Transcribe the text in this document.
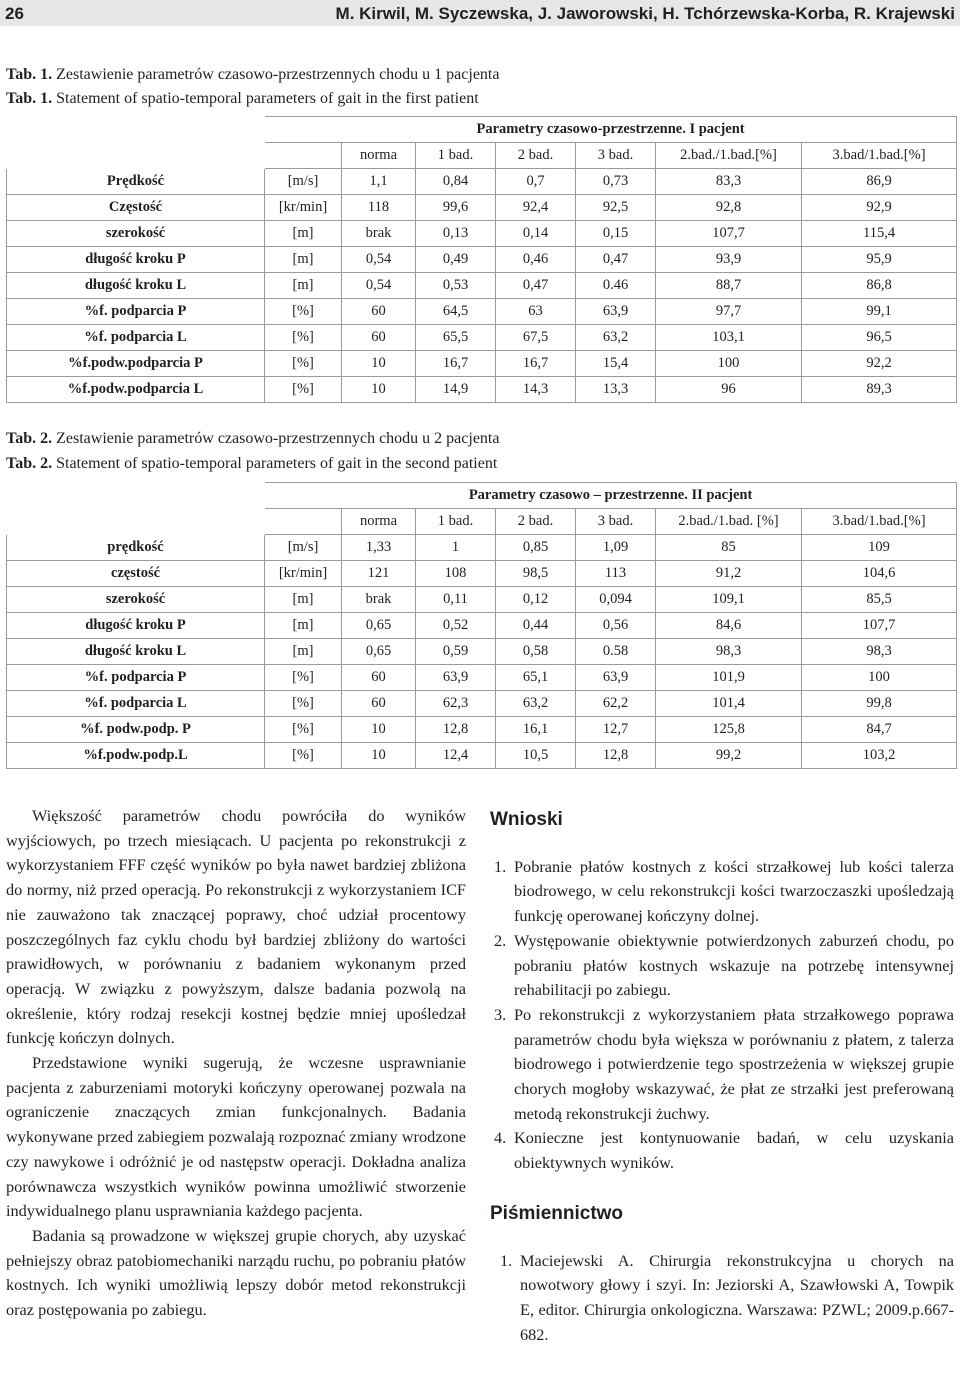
26	M. Kirwil, M. Syczewska, J. Jaworowski, H. Tchórzewska-Korba, R. Krajewski
Tab. 1. Zestawienie parametrów czasowo-przestrzennych chodu u 1 pacjenta
Tab. 1. Statement of spatio-temporal parameters of gait in the first patient
	Parametry czasowo-przestrzenne. I pacjent						
		norma	1 bad.	2 bad.	3 bad.	2.bad./1.bad.[%]	3.bad/1.bad.[%]
Prędkość	[m/s]	1,1	0,84	0,7	0,73	83,3	86,9
Częstość	[kr/min]	118	99,6	92,4	92,5	92,8	92,9
szerokość	[m]	brak	0,13	0,14	0,15	107,7	115,4
długość kroku P	[m]	0,54	0,49	0,46	0,47	93,9	95,9
długość kroku L	[m]	0,54	0,53	0,47	0.46	88,7	86,8
%f. podparcia P	[%]	60	64,5	63	63,9	97,7	99,1
%f. podparcia L	[%]	60	65,5	67,5	63,2	103,1	96,5
%f.podw.podparcia P	[%]	10	16,7	16,7	15,4	100	92,2
%f.podw.podparcia L	[%]	10	14,9	14,3	13,3	96	89,3
Tab. 2. Zestawienie parametrów czasowo-przestrzennych chodu u 2 pacjenta
Tab. 2. Statement of spatio-temporal parameters of gait in the second patient
	Parametry czasowo – przestrzenne. II pacjent						
		norma	1 bad.	2 bad.	3 bad.	2.bad./1.bad. [%]	3.bad/1.bad.[%]
prędkość	[m/s]	1,33	1	0,85	1,09	85	109
częstość	[kr/min]	121	108	98,5	113	91,2	104,6
szerokość	[m]	brak	0,11	0,12	0,094	109,1	85,5
długość kroku P	[m]	0,65	0,52	0,44	0,56	84,6	107,7
długość kroku L	[m]	0,65	0,59	0,58	0.58	98,3	98,3
%f. podparcia P	[%]	60	63,9	65,1	63,9	101,9	100
%f. podparcia L	[%]	60	62,3	63,2	62,2	101,4	99,8
%f. podw.podp. P	[%]	10	12,8	16,1	12,7	125,8	84,7
%f.podw.podp.L	[%]	10	12,4	10,5	12,8	99,2	103,2

Większość parametrów chodu powróciła do wyników wyjściowych, po trzech miesiącach. U pacjenta po rekonstrukcji z wykorzystaniem FFF część wyników po była nawet bardziej zbliżona do normy, niż przed operacją. Po rekonstrukcji z wykorzystaniem ICF nie zauważono tak znaczącej poprawy, choć udział procentowy poszczególnych faz cyklu chodu był bardziej zbliżony do wartości prawidłowych, w porównaniu z badaniem wykonanym przed operacją. W związku z powyższym, dalsze badania pozwolą na określenie, który rodzaj resekcji kostnej będzie mniej upośledzał funkcję kończyn dolnych.

Przedstawione wyniki sugerują, że wczesne usprawnianie pacjenta z zaburzeniami motoryki kończyny operowanej pozwala na ograniczenie znaczących zmian funkcjonalnych. Badania wykonywane przed zabiegiem pozwalają rozpoznać zmiany wrodzone czy nawykowe i odróżnić je od następstw operacji. Dokładna analiza porównawcza wszystkich wyników powinna umożliwić stworzenie indywidualnego planu usprawniania każdego pacjenta.

Badania są prowadzone w większej grupie chorych, aby uzyskać pełniejszy obraz patobiomechaniki narządu ruchu, po pobraniu płatów kostnych. Ich wyniki umożliwią lepszy dobór metod rekonstrukcji oraz postępowania po zabiegu.

Wnioski
1. Pobranie płatów kostnych z kości strzałkowej lub kości talerza biodrowego, w celu rekonstrukcji kości twarzoczaszki upośledzają funkcję operowanej kończyny dolnej.
2. Występowanie obiektywnie potwierdzonych zaburzeń chodu, po pobraniu płatów kostnych wskazuje na potrzebę intensywnej rehabilitacji po zabiegu.
3. Po rekonstrukcji z wykorzystaniem płata strzałkowego poprawa parametrów chodu była większa w porównaniu z płatem, z talerza biodrowego i potwierdzenie tego spostrzeżenia w większej grupie chorych mogłoby wskazywać, że płat ze strzałki jest preferowaną metodą rekonstrukcji żuchwy.
4. Konieczne jest kontynuowanie badań, w celu uzyskania obiektywnych wyników.
Piśmiennictwo
1. Maciejewski A. Chirurgia rekonstrukcyjna u chorych na nowotwory głowy i szyi. In: Jeziorski A, Szawłowski A, Towpik E, editor. Chirurgia onkologiczna. Warszawa: PZWL; 2009.p.667-682.
